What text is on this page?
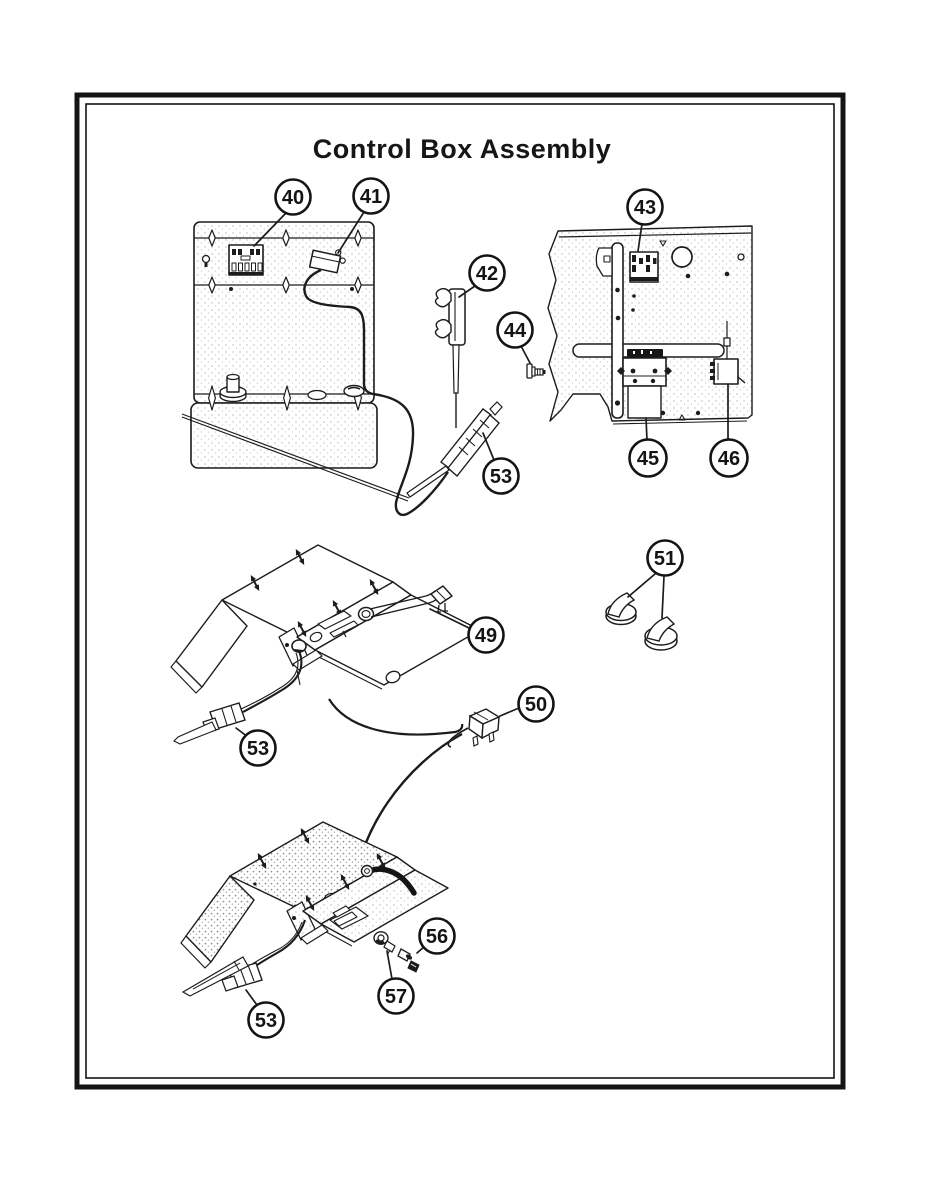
Control Box Assembly
40	41
42
43
44
45	46
49
50
51
53
53
53
56
57
